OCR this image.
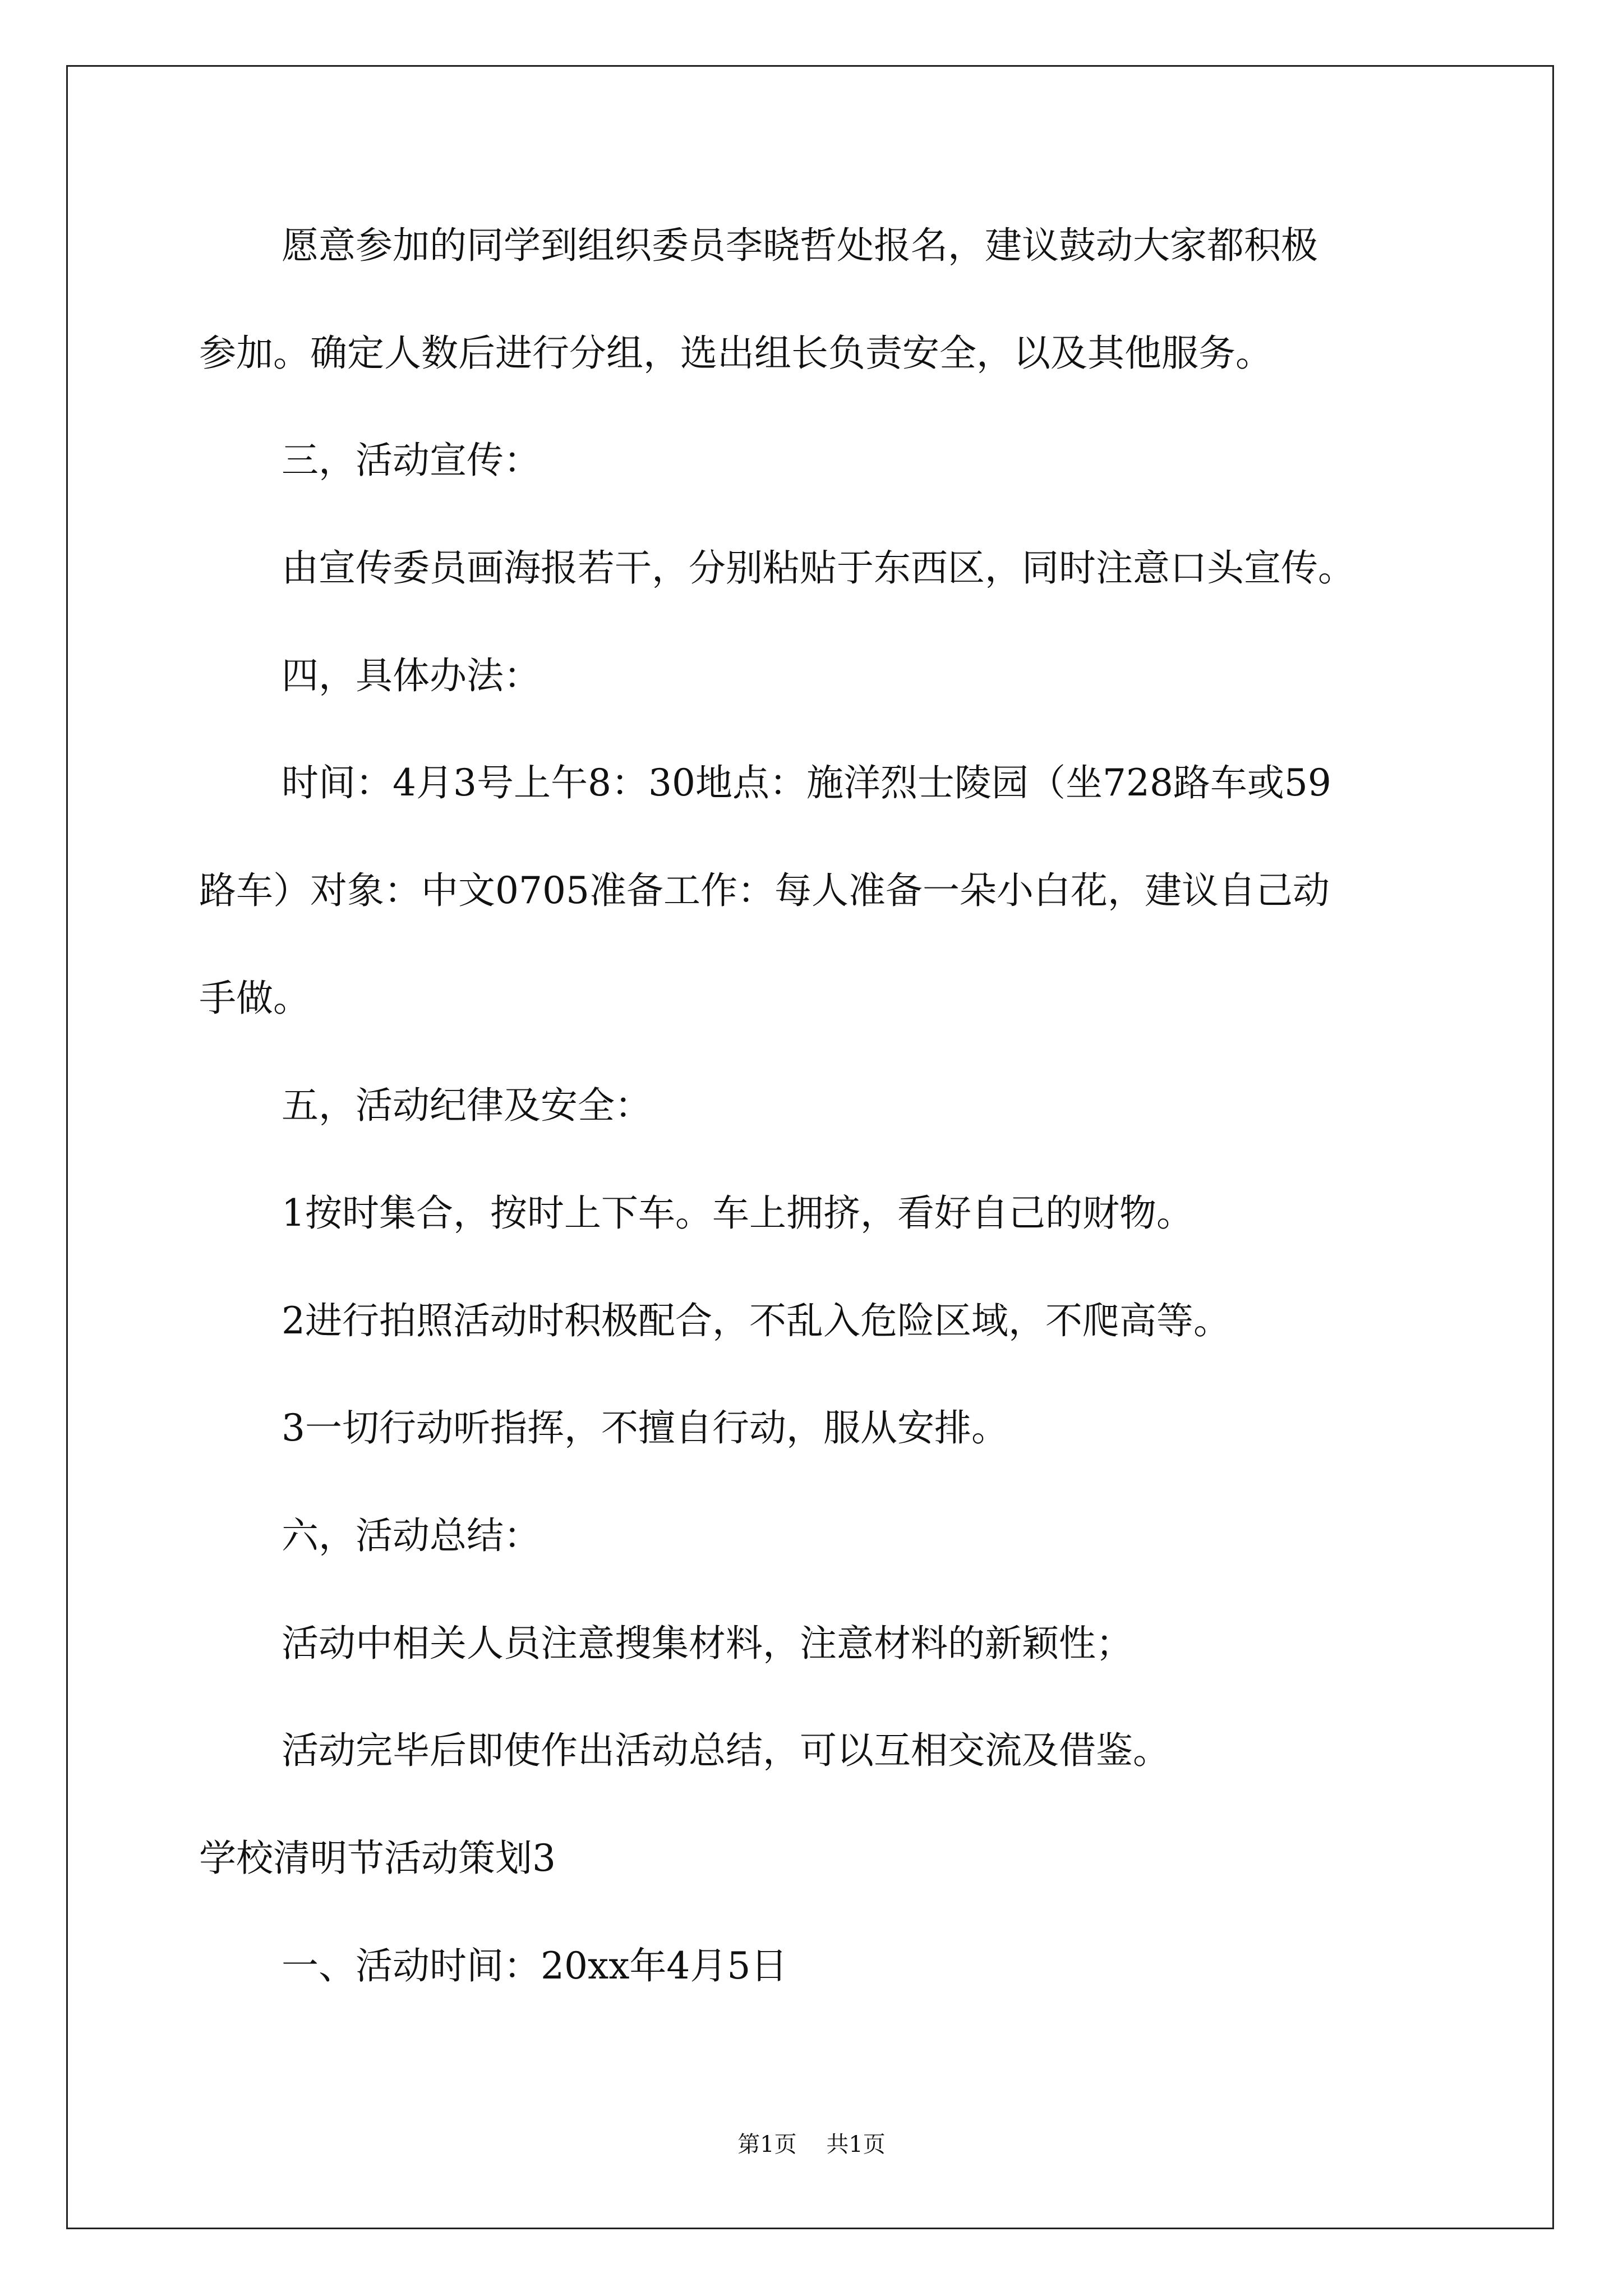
愿意参加的同学到组织委员李晓哲处报名，建议鼓动大家都积极

参加。确定人数后进行分组，选出组长负责安全，以及其他服务。

三，活动宣传：

由宣传委员画海报若干，分别粘贴于东西区，同时注意口头宣传。

四，具体办法：

时间：4月3号上午8：30地点：施洋烈士陵园（坐728路车或59

路车）对象：中文0705准备工作：每人准备一朵小白花，建议自己动

手做。

五，活动纪律及安全：

1按时集合，按时上下车。车上拥挤，看好自己的财物。

2进行拍照活动时积极配合，不乱入危险区域，不爬高等。

3一切行动听指挥，不擅自行动，服从安排。

六，活动总结：

活动中相关人员注意搜集材料，注意材料的新颖性；

活动完毕后即使作出活动总结，可以互相交流及借鉴。

学校清明节活动策划3

一、活动时间：20xx年4月5日

第1页 共1页
